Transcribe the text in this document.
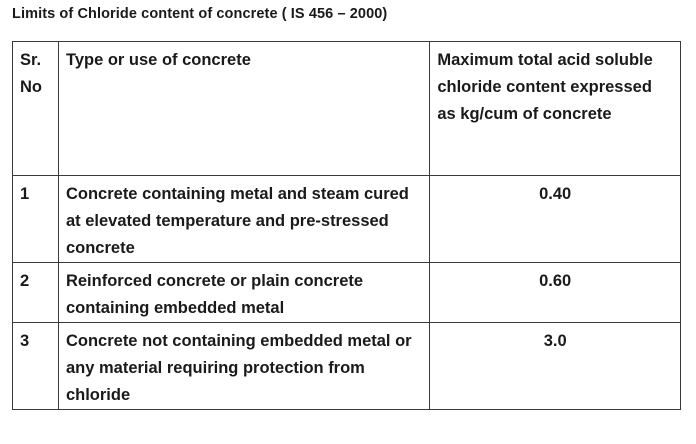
Limits of Chloride content of concrete ( IS 456 – 2000)
Sr. No	Type or use of concrete	Maximum total acid soluble chloride content expressed as kg/cum of concrete
1	Concrete containing metal and steam cured at elevated temperature and pre-stressed concrete	0.40
2	Reinforced concrete or plain concrete containing embedded metal	0.60
3	Concrete not containing embedded metal or any material requiring protection from chloride	3.0
